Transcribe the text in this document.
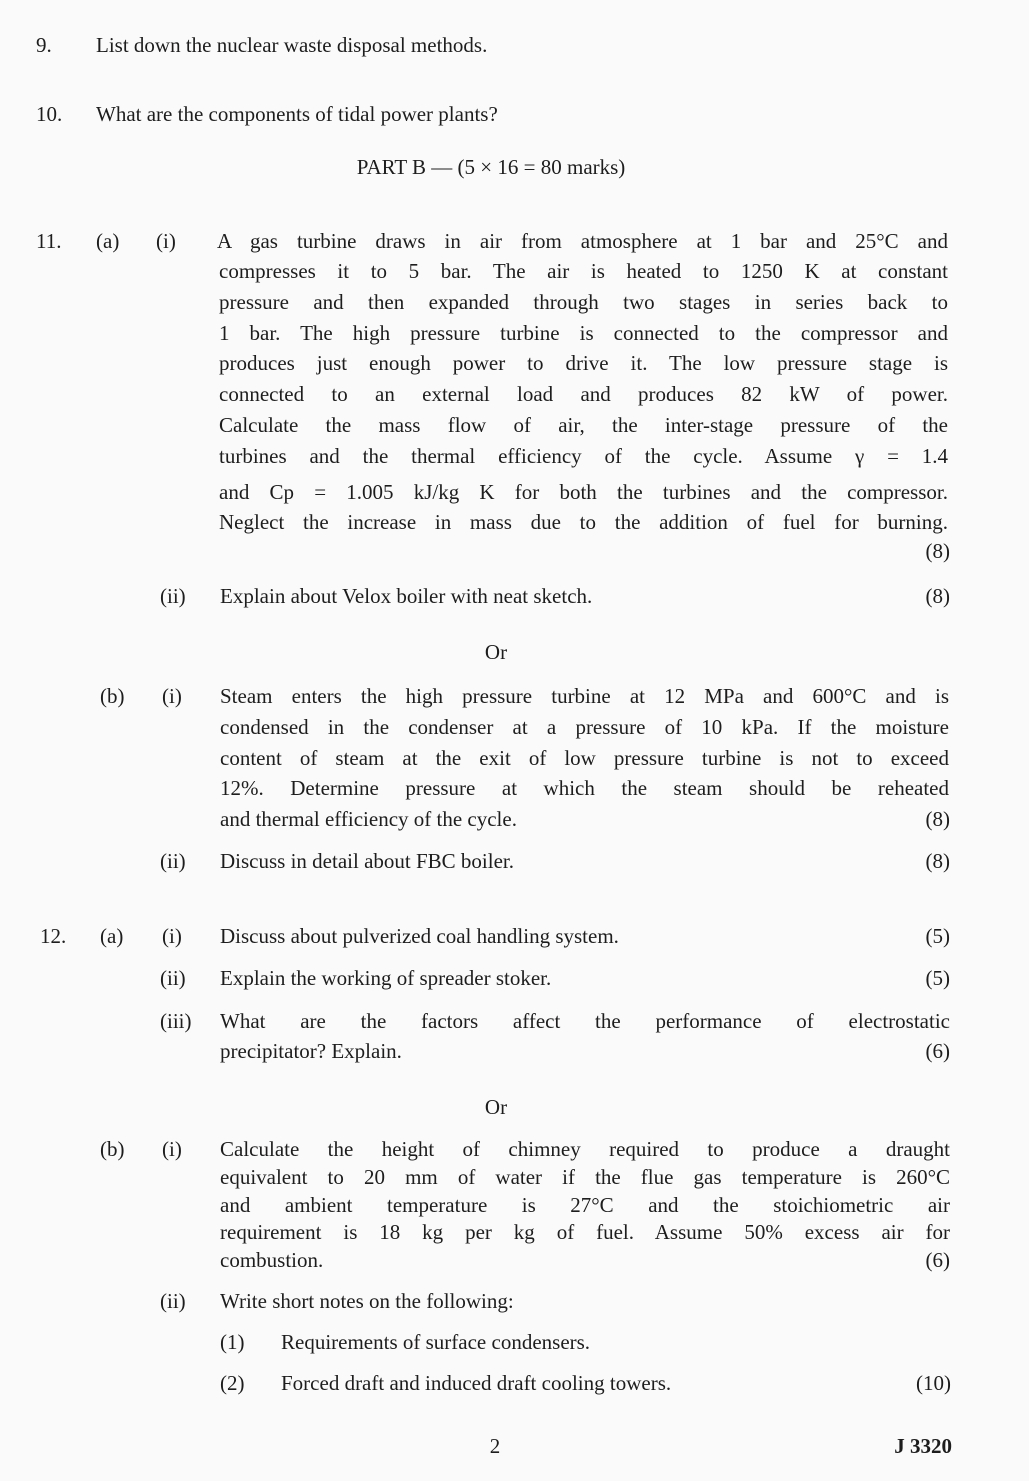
9. List down the nuclear waste disposal methods.
10. What are the components of tidal power plants?
PART B — (5 × 16 = 80 marks)
11. (a) (i) A gas turbine draws in air from atmosphere at 1 bar and 25°C and
compresses it to 5 bar. The air is heated to 1250 K at constant
pressure and then expanded through two stages in series back to
1 bar. The high pressure turbine is connected to the compressor and
produces just enough power to drive it. The low pressure stage is
connected to an external load and produces 82 kW of power.
Calculate the mass flow of air, the inter-stage pressure of the
turbines and the thermal efficiency of the cycle. Assume γ = 1.4
and Cp = 1.005 kJ/kg K for both the turbines and the compressor.
Neglect the increase in mass due to the addition of fuel for burning.
(8)
(ii) Explain about Velox boiler with neat sketch.	(8)
Or
(b) (i) Steam enters the high pressure turbine at 12 MPa and 600°C and is
condensed in the condenser at a pressure of 10 kPa. If the moisture
content of steam at the exit of low pressure turbine is not to exceed
12%. Determine pressure at which the steam should be reheated
and thermal efficiency of the cycle.	(8)
(ii) Discuss in detail about FBC boiler.	(8)
12. (a) (i) Discuss about pulverized coal handling system.	(5)
(ii) Explain the working of spreader stoker.	(5)
(iii) What are the factors affect the performance of electrostatic
precipitator? Explain.	(6)
Or
(b) (i) Calculate the height of chimney required to produce a draught
equivalent to 20 mm of water if the flue gas temperature is 260°C
and ambient temperature is 27°C and the stoichiometric air
requirement is 18 kg per kg of fuel. Assume 50% excess air for
combustion.	(6)
(ii) Write short notes on the following:
(1) Requirements of surface condensers.
(2) Forced draft and induced draft cooling towers.	(10)
2	J 3320
